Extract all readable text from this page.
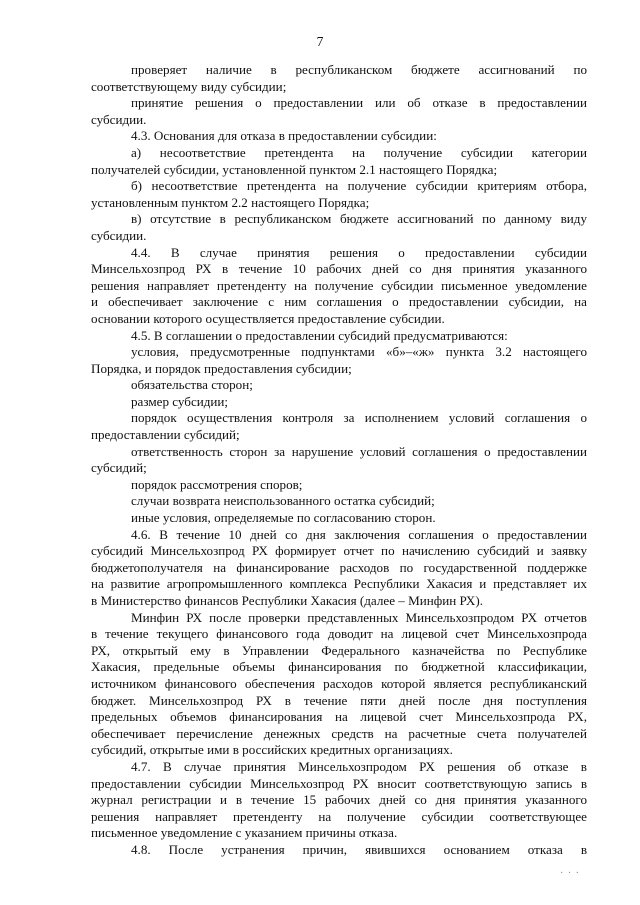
7
проверяет наличие в республиканском бюджете ассигнований по
соответствующему виду субсидии;
принятие решения о предоставлении или об отказе в предоставлении
субсидии.
4.3. Основания для отказа в предоставлении субсидии:
а) несоответствие претендента на получение субсидии категории
получателей субсидии, установленной пунктом 2.1 настоящего Порядка;
б) несоответствие претендента на получение субсидии критериям отбора,
установленным пунктом 2.2 настоящего Порядка;
в) отсутствие в республиканском бюджете ассигнований по данному виду
субсидии.
4.4. В случае принятия решения о предоставлении субсидии
Минсельхозпрод РХ в течение 10 рабочих дней со дня принятия указанного
решения направляет претенденту на получение субсидии письменное уведомление
и обеспечивает заключение с ним соглашения о предоставлении субсидии, на
основании которого осуществляется предоставление субсидии.
4.5. В соглашении о предоставлении субсидий предусматриваются:
условия, предусмотренные подпунктами «б»–«ж» пункта 3.2 настоящего
Порядка, и порядок предоставления субсидии;
обязательства сторон;
размер субсидии;
порядок осуществления контроля за исполнением условий соглашения о
предоставлении субсидий;
ответственность сторон за нарушение условий соглашения о предоставлении
субсидий;
порядок рассмотрения споров;
случаи возврата неиспользованного остатка субсидий;
иные условия, определяемые по согласованию сторон.
4.6. В течение 10 дней со дня заключения соглашения о предоставлении
субсидий Минсельхозпрод РХ формирует отчет по начислению субсидий и заявку
бюджетополучателя на финансирование расходов по государственной поддержке
на развитие агропромышленного комплекса Республики Хакасия и представляет их
в Министерство финансов Республики Хакасия (далее – Минфин РХ).
Минфин РХ после проверки представленных Минсельхозпродом РХ отчетов
в течение текущего финансового года доводит на лицевой счет Минсельхозпрода
РХ, открытый ему в Управлении Федерального казначейства по Республике
Хакасия, предельные объемы финансирования по бюджетной классификации,
источником финансового обеспечения расходов которой является республиканский
бюджет. Минсельхозпрод РХ в течение пяти дней после дня поступления
предельных объемов финансирования на лицевой счет Минсельхозпрода РХ,
обеспечивает перечисление денежных средств на расчетные счета получателей
субсидий, открытые ими в российских кредитных организациях.
4.7. В случае принятия Минсельхозпродом РХ решения об отказе в
предоставлении субсидии Минсельхозпрод РХ вносит соответствующую запись в
журнал регистрации и в течение 15 рабочих дней со дня принятия указанного
решения направляет претенденту на получение субсидии соответствующее
письменное уведомление с указанием причины отказа.
4.8. После устранения причин, явившихся основанием отказа в
· · ·
